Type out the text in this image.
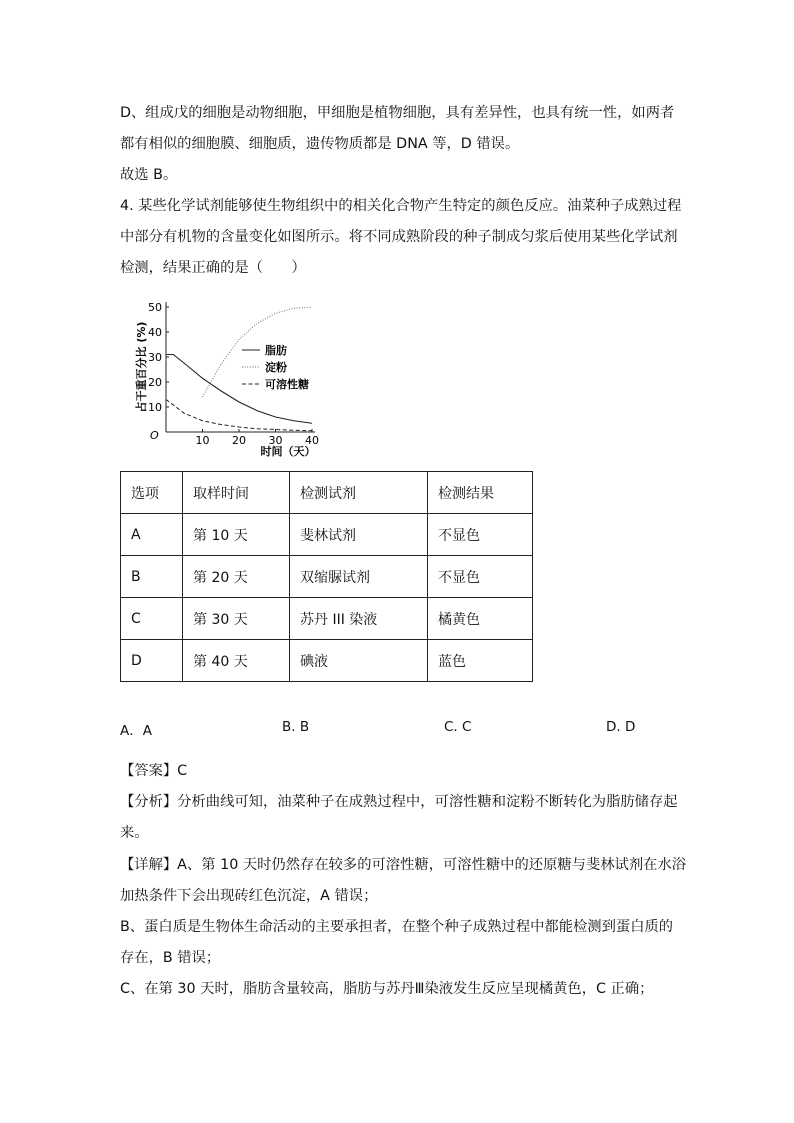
D、组成戊的细胞是动物细胞，甲细胞是植物细胞，具有差异性，也具有统一性，如两者
都有相似的细胞膜、细胞质，遗传物质都是 DNA 等，D 错误。
故选 B。
4. 某些化学试剂能够使生物组织中的相关化合物产生特定的颜色反应。油菜种子成熟过程
中部分有机物的含量变化如图所示。将不同成熟阶段的种子制成匀浆后使用某些化学试剂
检测，结果正确的是（　　）
10
20
30
40
50
10 20 30 40
O
占干重百分比 (%)
时间（天）
脂肪
淀粉
可溶性糖
选项	取样时间	检测试剂	检测结果
A	第 10 天	斐林试剂	不显色
B	第 20 天	双缩脲试剂	不显色
C	第 30 天	苏丹 III 染液	橘黄色
D	第 40 天	碘液	蓝色
A．A	B. B	C. C	D. D
【答案】C
【分析】分析曲线可知，油菜种子在成熟过程中，可溶性糖和淀粉不断转化为脂肪储存起
来。
【详解】A、第 10 天时仍然存在较多的可溶性糖，可溶性糖中的还原糖与斐林试剂在水浴
加热条件下会出现砖红色沉淀，A 错误；
B、蛋白质是生物体生命活动的主要承担者，在整个种子成熟过程中都能检测到蛋白质的
存在，B 错误；
C、在第 30 天时，脂肪含量较高，脂肪与苏丹Ⅲ染液发生反应呈现橘黄色，C 正确；
